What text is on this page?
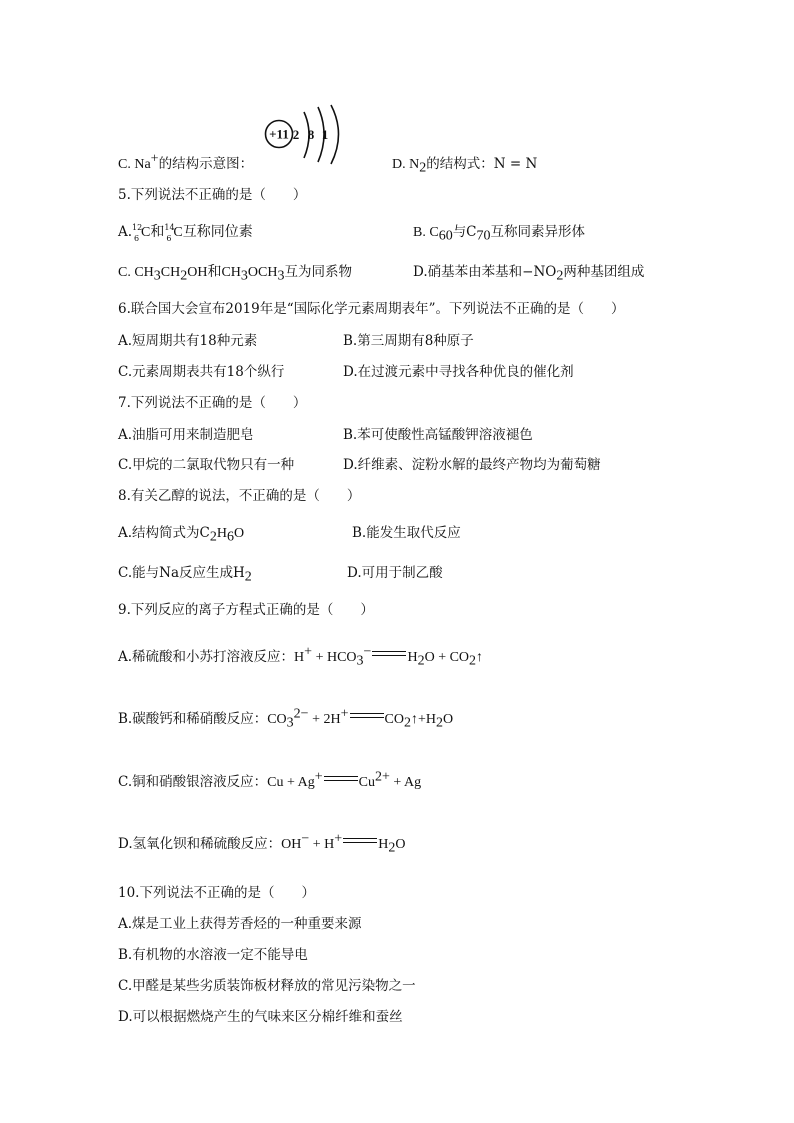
+11 2 8 1
C. Na+的结构示意图：	D. $N_2$的结构式：N = N
5.下列说法不正确的是（　　）
A. 12
6 C和 14
6 C互称同位素	B. $C_{60}$与$C_{70}$互称同素异形体
C. $CH_3CH_2OH$和$CH_3OCH_3$互为同系物	D.硝基苯由苯基和$-NO_2$两种基团组成
6.联合国大会宣布2019年是“国际化学元素周期表年”。下列说法不正确的是（　　）
A.短周期共有18种元素	B.第三周期有8种原子
C.元素周期表共有18个纵行	D.在过渡元素中寻找各种优良的催化剂
7.下列说法不正确的是（　　）
A.油脂可用来制造肥皂	B.苯可使酸性高锰酸钾溶液褪色
C.甲烷的二氯取代物只有一种	D.纤维素、淀粉水解的最终产物均为葡萄糖
8.有关乙醇的说法，不正确的是（　　）
A.结构简式为$C_2H_6O$	B.能发生取代反应
C.能与Na反应生成$H_2$	D.可用于制乙酸
9.下列反应的离子方程式正确的是（　　）
A.稀硫酸和小苏打溶液反应：$H^+ + HCO_3^-$	$H_2O$ + $CO_2↑$
B.碳酸钙和稀硝酸反应：$CO_3^{2-} + 2H^+$	$CO_2↑+H_2O$
C.铜和硝酸银溶液反应：Cu + Ag+	$Cu^{2+} + Ag$
D.氢氧化钡和稀硫酸反应：OH− + H+	$H_2O$
10.下列说法不正确的是（　　）
A.煤是工业上获得芳香烃的一种重要来源
B.有机物的水溶液一定不能导电
C.甲醛是某些劣质装饰板材释放的常见污染物之一
D.可以根据燃烧产生的气味来区分棉纤维和蚕丝
